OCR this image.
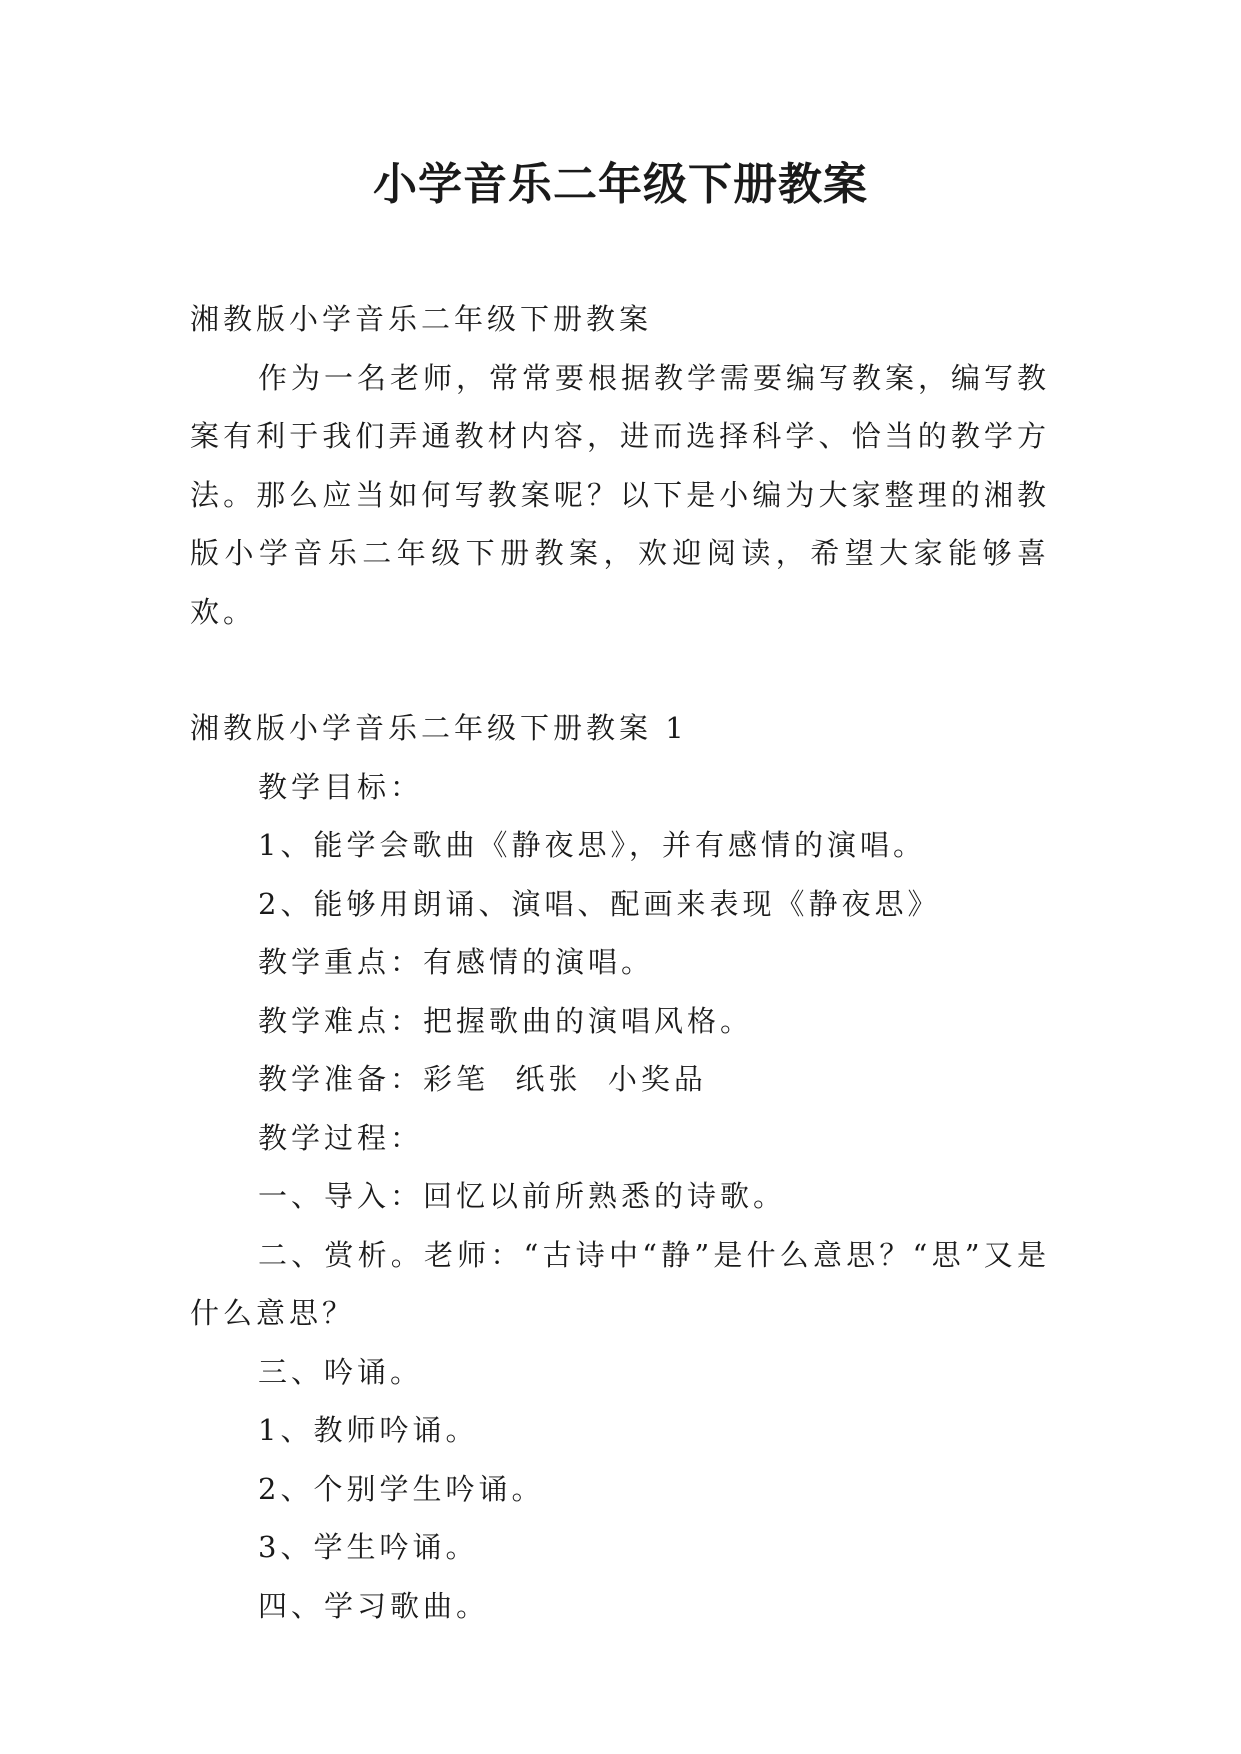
小学音乐二年级下册教案

湘教版小学音乐二年级下册教案

作为一名老师，常常要根据教学需要编写教案，编写教案有利于我们弄通教材内容，进而选择科学、恰当的教学方法。那么应当如何写教案呢？以下是小编为大家整理的湘教版小学音乐二年级下册教案，欢迎阅读，希望大家能够喜欢。

湘教版小学音乐二年级下册教案 1

教学目标：

1、能学会歌曲《静夜思》，并有感情的演唱。

2、能够用朗诵、演唱、配画来表现《静夜思》

教学重点：有感情的演唱。

教学难点：把握歌曲的演唱风格。

教学准备：彩笔  纸张  小奖品

教学过程：

一、导入：回忆以前所熟悉的诗歌。

二、赏析。老师：“古诗中“静”是什么意思？“思”又是什么意思？

三、吟诵。

1、教师吟诵。

2、个别学生吟诵。

3、学生吟诵。

四、学习歌曲。
